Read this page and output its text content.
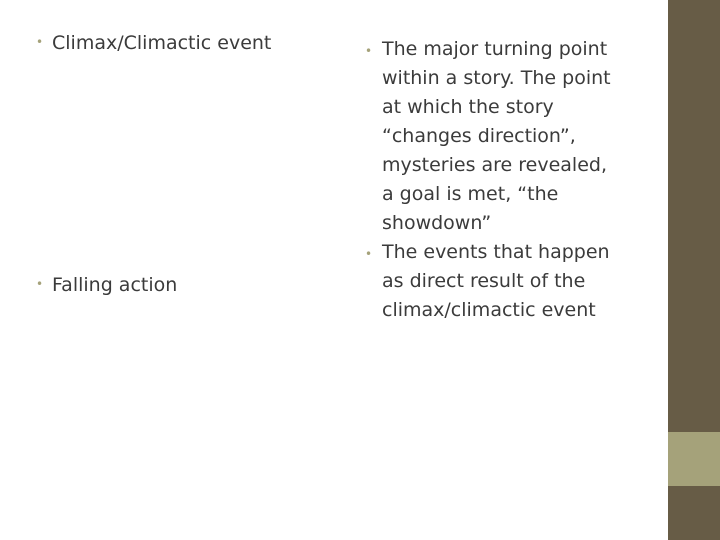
• Climax/Climactic event
• Falling action
• The major turning point within a story. The point at which the story “changes direction”, mysteries are revealed, a goal is met, “the showdown”
• The events that happen as direct result of the climax/climactic event
